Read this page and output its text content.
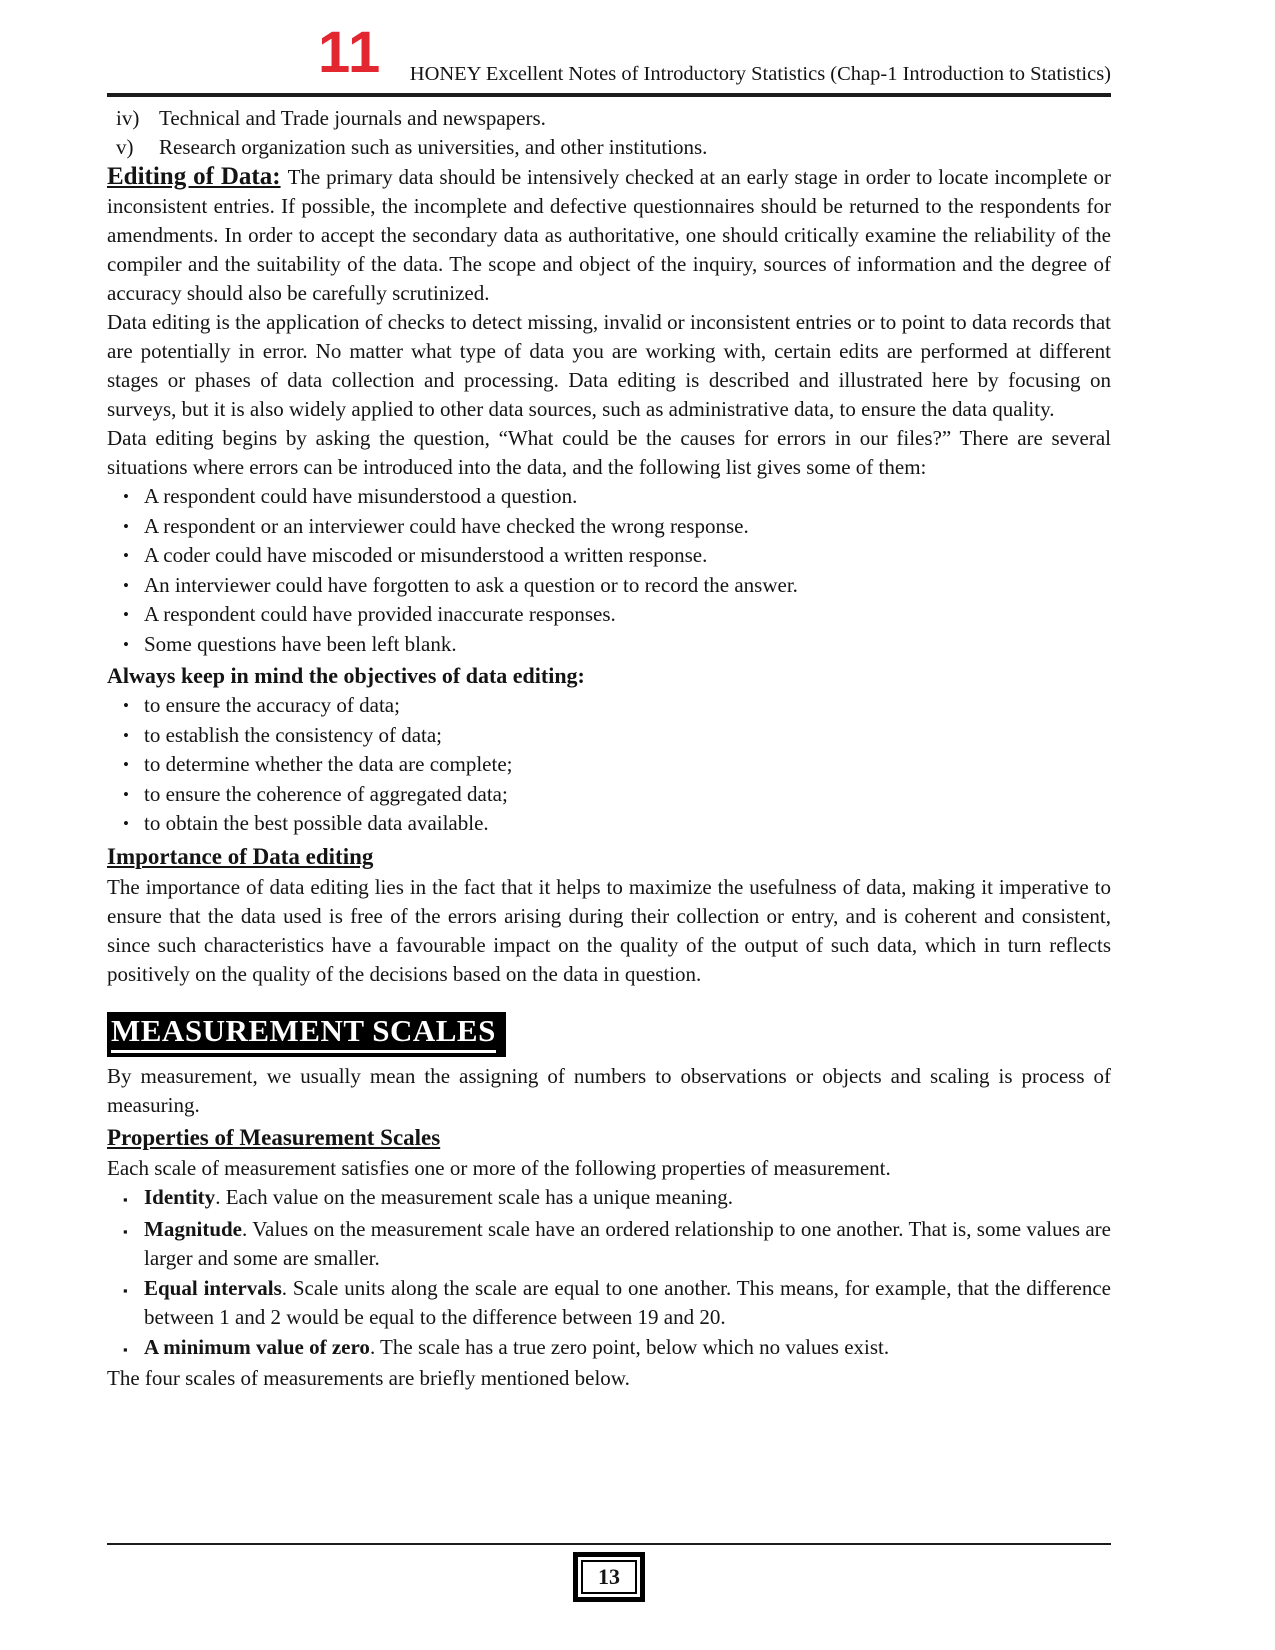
11 HONEY Excellent Notes of Introductory Statistics (Chap-1 Introduction to Statistics)
iv) Technical and Trade journals and newspapers.
v)	Research organization such as universities, and other institutions.

Editing of Data: The primary data should be intensively checked at an early stage in order to locate incomplete or inconsistent entries. If possible, the incomplete and defective questionnaires should be returned to the respondents for amendments. In order to accept the secondary data as authoritative, one should critically examine the reliability of the compiler and the suitability of the data. The scope and object of the inquiry, sources of information and the degree of accuracy should also be carefully scrutinized.

Data editing is the application of checks to detect missing, invalid or inconsistent entries or to point to data records that are potentially in error. No matter what type of data you are working with, certain edits are performed at different stages or phases of data collection and processing. Data editing is described and illustrated here by focusing on surveys, but it is also widely applied to other data sources, such as administrative data, to ensure the data quality.

Data editing begins by asking the question, “What could be the causes for errors in our files?” There are several situations where errors can be introduced into the data, and the following list gives some of them:

• A respondent could have misunderstood a question.
• A respondent or an interviewer could have checked the wrong response.
• A coder could have miscoded or misunderstood a written response.
• An interviewer could have forgotten to ask a question or to record the answer.
• A respondent could have provided inaccurate responses.
• Some questions have been left blank.
Always keep in mind the objectives of data editing:
• to ensure the accuracy of data;
• to establish the consistency of data;
• to determine whether the data are complete;
• to ensure the coherence of aggregated data;
• to obtain the best possible data available.
Importance of Data editing

The importance of data editing lies in the fact that it helps to maximize the usefulness of data, making it imperative to ensure that the data used is free of the errors arising during their collection or entry, and is coherent and consistent, since such characteristics have a favourable impact on the quality of the output of such data, which in turn reflects positively on the quality of the decisions based on the data in question.

MEASUREMENT SCALES

By measurement, we usually mean the assigning of numbers to observations or objects and scaling is process of measuring.

Properties of Measurement Scales

Each scale of measurement satisfies one or more of the following properties of measurement.

▪ Identity. Each value on the measurement scale has a unique meaning.
▪ Magnitude. Values on the measurement scale have an ordered relationship to one another. That is, some values are larger and some are smaller.
▪ Equal intervals. Scale units along the scale are equal to one another. This means, for example, that the difference between 1 and 2 would be equal to the difference between 19 and 20.
▪ A minimum value of zero. The scale has a true zero point, below which no values exist.

The four scales of measurements are briefly mentioned below.

13
